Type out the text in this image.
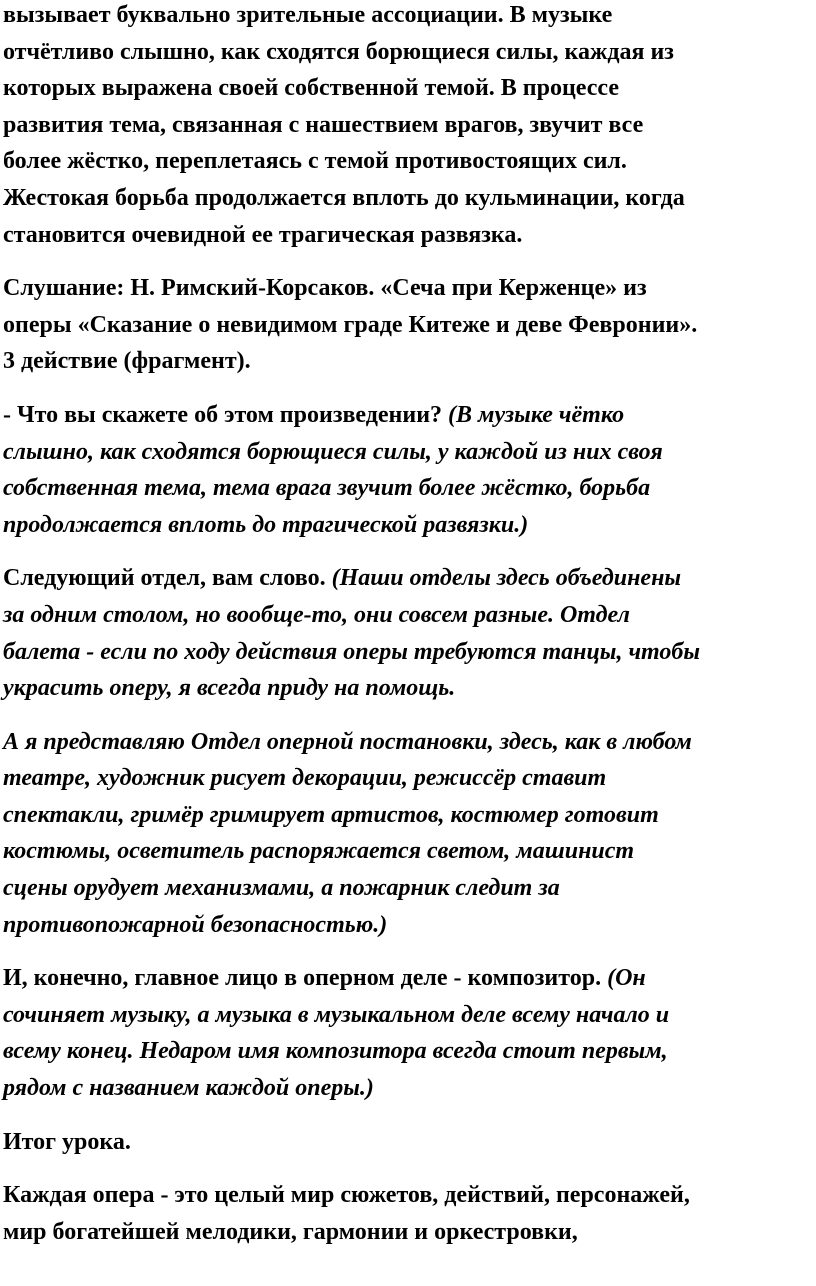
вызывает буквально зрительные ассоциации. В музыке
отчётливо слышно, как сходятся борющиеся силы, каждая из
которых выражена своей собственной темой. В процессе
развития тема, связанная с нашествием врагов, звучит все
более жёстко, переплетаясь с темой противостоящих сил.
Жестокая борьба продолжается вплоть до кульминации, когда
становится очевидной ее трагическая развязка.

Слушание: Н. Римский-Корсаков. «Сеча при Керженце» из
оперы «Сказание о невидимом граде Китеже и деве Февронии».
3 действие (фрагмент).

- Что вы скажете об этом произведении? (В музыке чётко
слышно, как сходятся борющиеся силы, у каждой из них своя
собственная тема, тема врага звучит более жёстко, борьба
продолжается вплоть до трагической развязки.)

Следующий отдел, вам слово. (Наши отделы здесь объединены
за одним столом, но вообще-то, они совсем разные. Отдел
балета - если по ходу действия оперы требуются танцы, чтобы
украсить оперу, я всегда приду на помощь.

А я представляю Отдел оперной постановки, здесь, как в любом
театре, художник рисует декорации, режиссёр ставит
спектакли, гримёр гримирует артистов, костюмер готовит
костюмы, осветитель распоряжается светом, машинист
сцены орудует механизмами, а пожарник следит за
противопожарной безопасностью.)

И, конечно, главное лицо в оперном деле - композитор. (Он
сочиняет музыку, а музыка в музыкальном деле всему начало и
всему конец. Недаром имя композитора всегда стоит первым,
рядом с названием каждой оперы.)

Итог урока.

Каждая опера - это целый мир сюжетов, действий, персонажей,
мир богатейшей мелодики, гармонии и оркестровки,
